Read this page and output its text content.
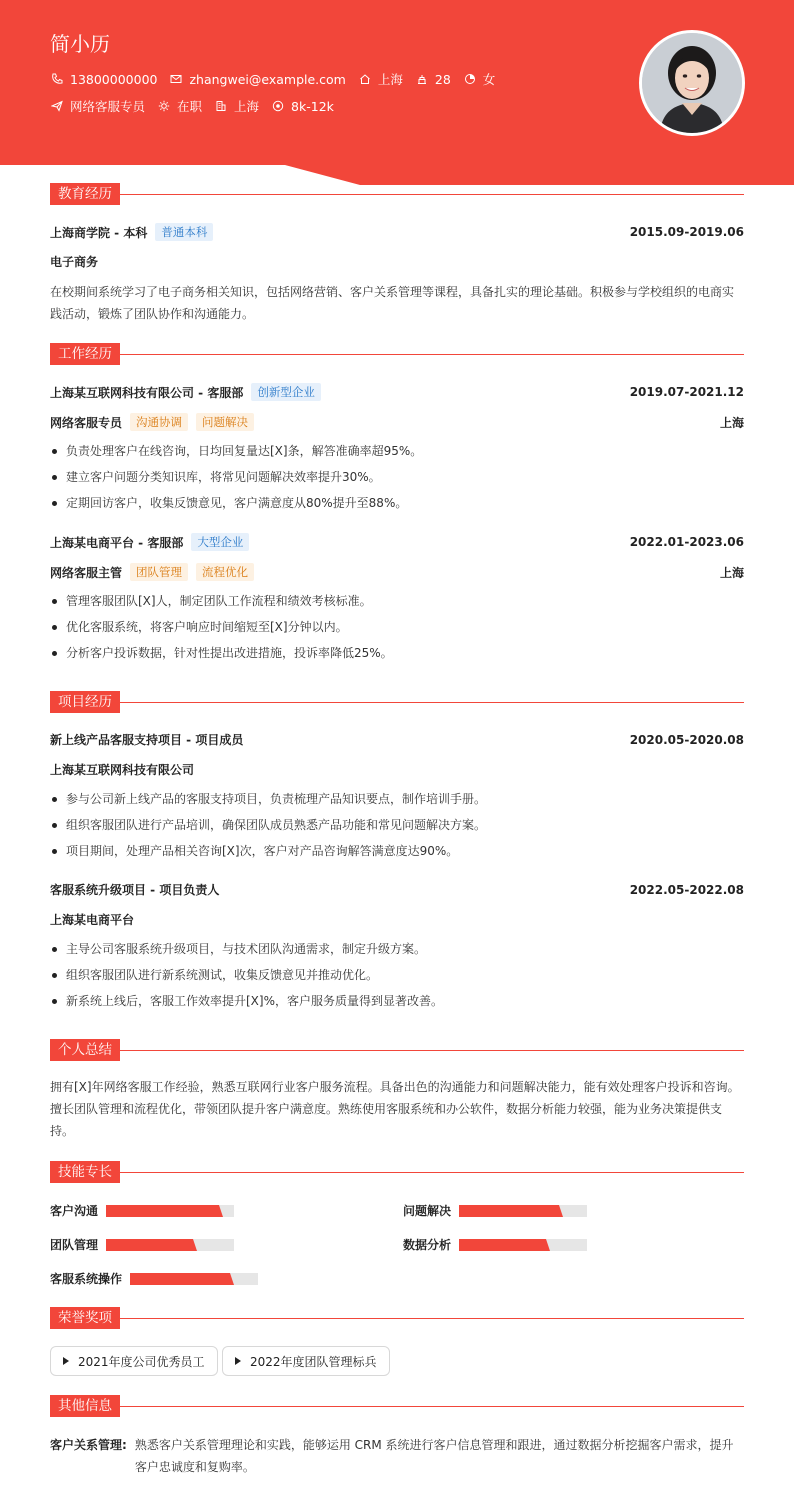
简小历
13800000000	zhangwei@example.com	上海	28	女
网络客服专员	在职	上海	8k-12k
教育经历
上海商学院 - 本科	普通本科	2015.09-2019.06
电子商务
在校期间系统学习了电子商务相关知识，包括网络营销、客户关系管理等课程，具备扎实的理论基础。积极参与学校组织的电商实践活动，锻炼了团队协作和沟通能力。
工作经历
上海某互联网科技有限公司 - 客服部	创新型企业	2019.07-2021.12
网络客服专员	沟通协调	问题解决	上海
负责处理客户在线咨询，日均回复量达[X]条，解答准确率超95%。
建立客户问题分类知识库，将常见问题解决效率提升30%。
定期回访客户，收集反馈意见，客户满意度从80%提升至88%。
上海某电商平台 - 客服部	大型企业	2022.01-2023.06
网络客服主管	团队管理	流程优化	上海
管理客服团队[X]人，制定团队工作流程和绩效考核标准。
优化客服系统，将客户响应时间缩短至[X]分钟以内。
分析客户投诉数据，针对性提出改进措施，投诉率降低25%。
项目经历
新上线产品客服支持项目 - 项目成员	2020.05-2020.08
上海某互联网科技有限公司
参与公司新上线产品的客服支持项目，负责梳理产品知识要点，制作培训手册。
组织客服团队进行产品培训，确保团队成员熟悉产品功能和常见问题解决方案。
项目期间，处理产品相关咨询[X]次，客户对产品咨询解答满意度达90%。
客服系统升级项目 - 项目负责人	2022.05-2022.08
上海某电商平台
主导公司客服系统升级项目，与技术团队沟通需求，制定升级方案。
组织客服团队进行新系统测试，收集反馈意见并推动优化。
新系统上线后，客服工作效率提升[X]%，客户服务质量得到显著改善。
个人总结
拥有[X]年网络客服工作经验，熟悉互联网行业客户服务流程。具备出色的沟通能力和问题解决能力，能有效处理客户投诉和咨询。擅长团队管理和流程优化，带领团队提升客户满意度。熟练使用客服系统和办公软件，数据分析能力较强，能为业务决策提供支持。
技能专长
客户沟通	问题解决
团队管理	数据分析
客服系统操作
荣誉奖项
2021年度公司优秀员工	2022年度团队管理标兵
其他信息
客户关系管理: 熟悉客户关系管理理论和实践，能够运用 CRM 系统进行客户信息管理和跟进，通过数据分析挖掘客户需求，提升客户忠诚度和复购率。
